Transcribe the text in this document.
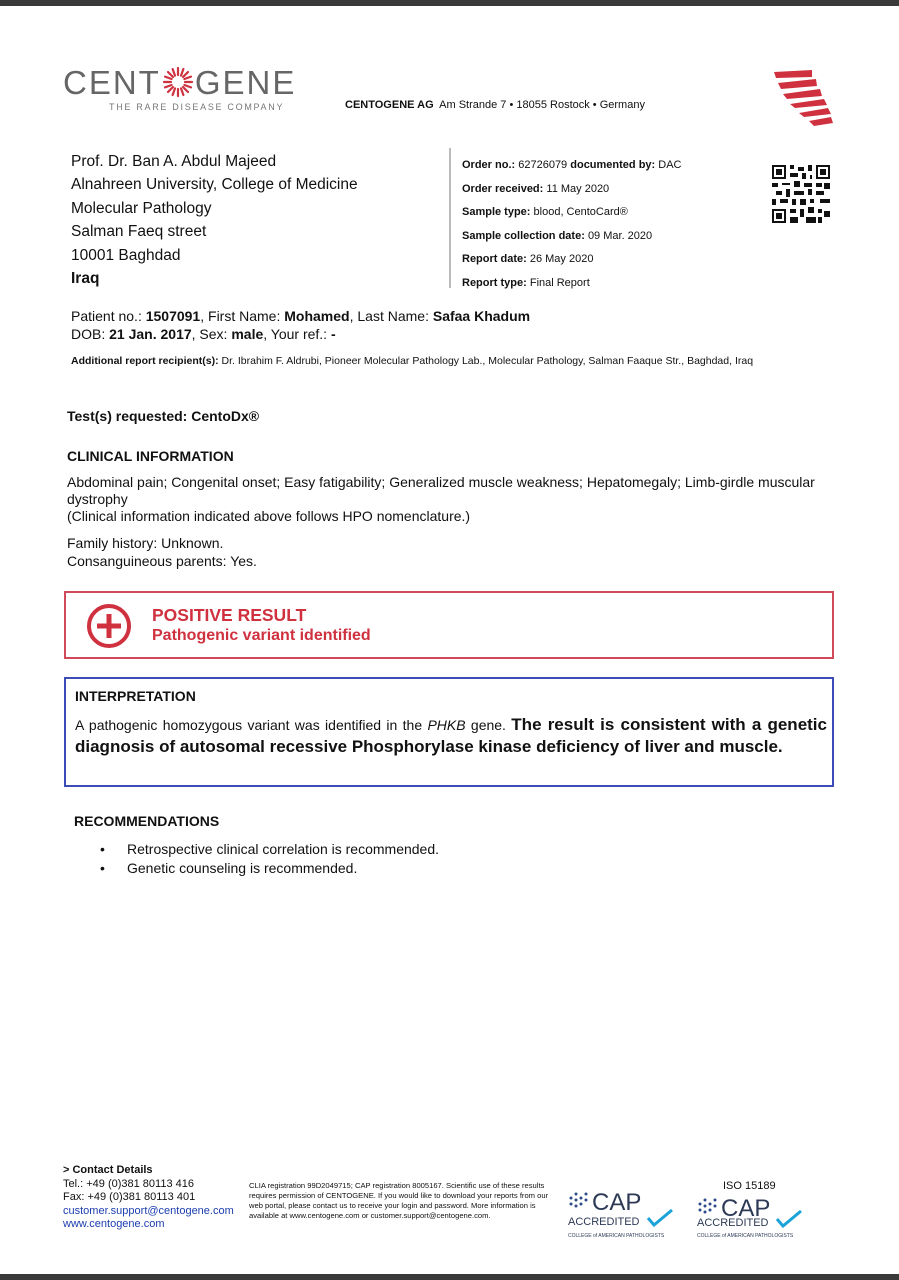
CENT GENE
THE RARE DISEASE COMPANY	CENTOGENE AG Am Strande 7 • 18055 Rostock • Germany
Prof. Dr. Ban A. Abdul Majeed
Alnahreen University, College of Medicine
Molecular Pathology
Salman Faeq street
10001 Baghdad
Iraq
Order no.: 62726079 documented by: DAC
Order received: 11 May 2020
Sample type: blood, CentoCard®
Sample collection date: 09 Mar. 2020
Report date: 26 May 2020
Report type: Final Report
Patient no.: 1507091, First Name: Mohamed, Last Name: Safaa Khadum
DOB: 21 Jan. 2017, Sex: male, Your ref.: -
Additional report recipient(s): Dr. Ibrahim F. Aldrubi, Pioneer Molecular Pathology Lab., Molecular Pathology, Salman Faaque Str., Baghdad, Iraq
Test(s) requested: CentoDx®
CLINICAL INFORMATION

Abdominal pain; Congenital onset; Easy fatigability; Generalized muscle weakness; Hepatomegaly; Limb-girdle muscular dystrophy

(Clinical information indicated above follows HPO nomenclature.)

Family history: Unknown.
Consanguineous parents: Yes.
POSITIVE RESULT
Pathogenic variant identified
INTERPRETATION
A pathogenic homozygous variant was identified in the PHKB gene. The result is consistent with a genetic diagnosis of autosomal recessive Phosphorylase kinase deficiency of liver and muscle.
RECOMMENDATIONS
• Retrospective clinical correlation is recommended.
• Genetic counseling is recommended.
> Contact Details
Tel.: +49 (0)381 80113 416
Fax: +49 (0)381 80113 401
customer.support@centogene.com
www.centogene.com
CLIA registration 99D2049715; CAP registration 8005167. Scientific use of these results requires permission of CENTOGENE. If you would like to download your reports from our web portal, please contact us to receive your login and password. More information is available at www.centogene.com or customer.support@centogene.com.	CAP
ACCREDITED
COLLEGE of AMERICAN PATHOLOGISTS
ISO 15189
CAP
ACCREDITED
COLLEGE of AMERICAN PATHOLOGISTS
